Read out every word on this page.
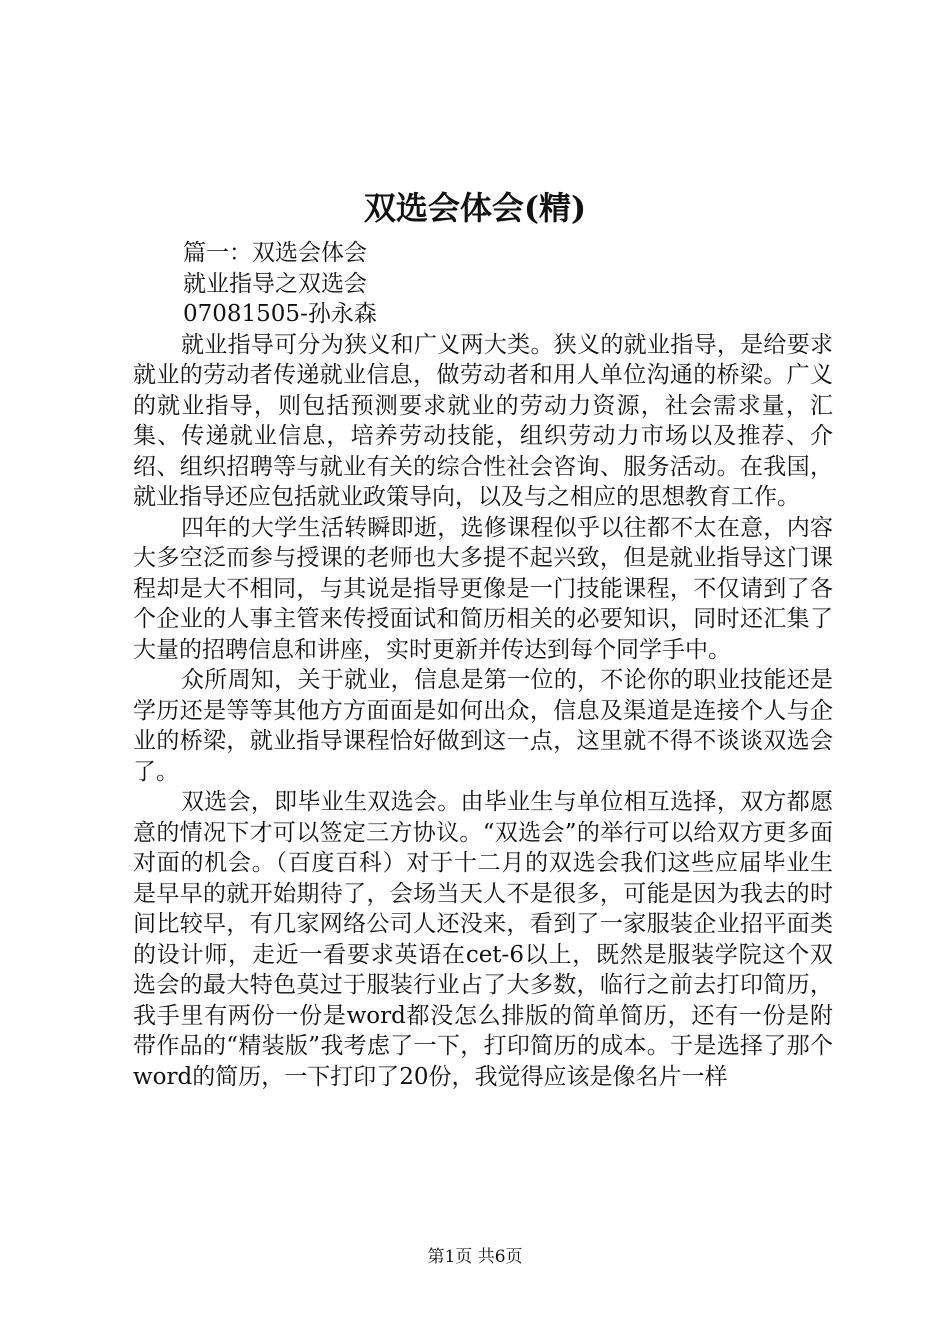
双选会体会(精)
篇一：双选会体会
就业指导之双选会
07081505-孙永森

就业指导可分为狭义和广义两大类。狭义的就业指导，是给要求就业的劳动者传递就业信息，做劳动者和用人单位沟通的桥梁。广义的就业指导，则包括预测要求就业的劳动力资源，社会需求量，汇集、传递就业信息，培养劳动技能，组织劳动力市场以及推荐、介绍、组织招聘等与就业有关的综合性社会咨询、服务活动。在我国，就业指导还应包括就业政策导向，以及与之相应的思想教育工作。

四年的大学生活转瞬即逝，选修课程似乎以往都不太在意，内容大多空泛而参与授课的老师也大多提不起兴致，但是就业指导这门课程却是大不相同，与其说是指导更像是一门技能课程，不仅请到了各个企业的人事主管来传授面试和简历相关的必要知识，同时还汇集了大量的招聘信息和讲座，实时更新并传达到每个同学手中。

众所周知，关于就业，信息是第一位的，不论你的职业技能还是学历还是等等其他方方面面是如何出众，信息及渠道是连接个人与企业的桥梁，就业指导课程恰好做到这一点，这里就不得不谈谈双选会了。

双选会，即毕业生双选会。由毕业生与单位相互选择，双方都愿意的情况下才可以签定三方协议。“双选会”的举行可以给双方更多面对面的机会。（百度百科）对于十二月的双选会我们这些应届毕业生是早早的就开始期待了，会场当天人不是很多，可能是因为我去的时间比较早，有几家网络公司人还没来，看到了一家服装企业招平面类的设计师，走近一看要求英语在cet-6以上，既然是服装学院这个双选会的最大特色莫过于服装行业占了大多数，临行之前去打印简历，我手里有两份一份是word都没怎么排版的简单简历，还有一份是附带作品的“精装版”我考虑了一下，打印简历的成本。于是选择了那个word的简历，一下打印了20份，我觉得应该是像名片一样

第1页 共6页
